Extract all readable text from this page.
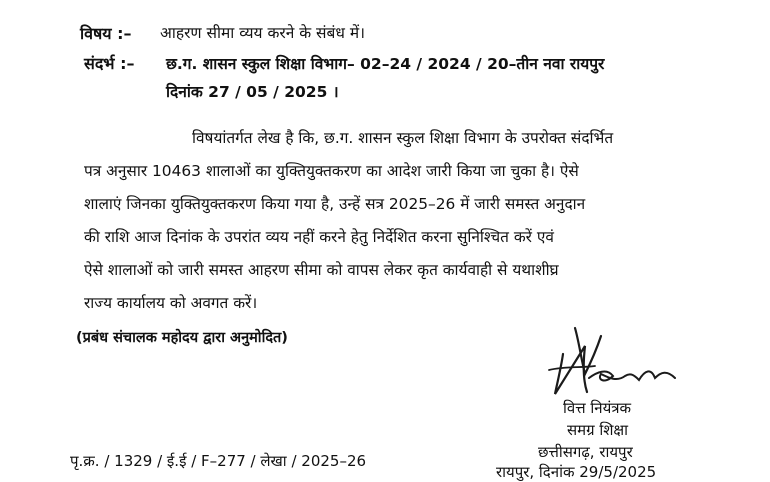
विषय :– आहरण सीमा व्यय करने के संबंध में।
संदर्भ :– छ.ग. शासन स्कुल शिक्षा विभाग– 02–24 / 2024 / 20–तीन नवा रायपुर
दिनांक 27 / 05 / 2025 ।
विषयांतर्गत लेख है कि, छ.ग. शासन स्कुल शिक्षा विभाग के उपरोक्त संदर्भित
पत्र अनुसार 10463 शालाओं का युक्तियुक्तकरण का आदेश जारी किया जा चुका है। ऐसे
शालाएं जिनका युक्तियुक्तकरण किया गया है, उन्हें सत्र 2025–26 में जारी समस्त अनुदान
की राशि आज दिनांक के उपरांत व्यय नहीं करने हेतु निर्देशित करना सुनिश्चित करें एवं
ऐसे शालाओं को जारी समस्त आहरण सीमा को वापस लेकर कृत कार्यवाही से यथाशीघ्र
राज्य कार्यालय को अवगत करें।
(प्रबंध संचालक महोदय द्वारा अनुमोदित)
वित्त नियंत्रक
समग्र शिक्षा
छत्तीसगढ़, रायपुर
रायपुर, दिनांक 29/5/2025
पृ.क्र. / 1329 / ई.ई / F–277 / लेखा / 2025–26
